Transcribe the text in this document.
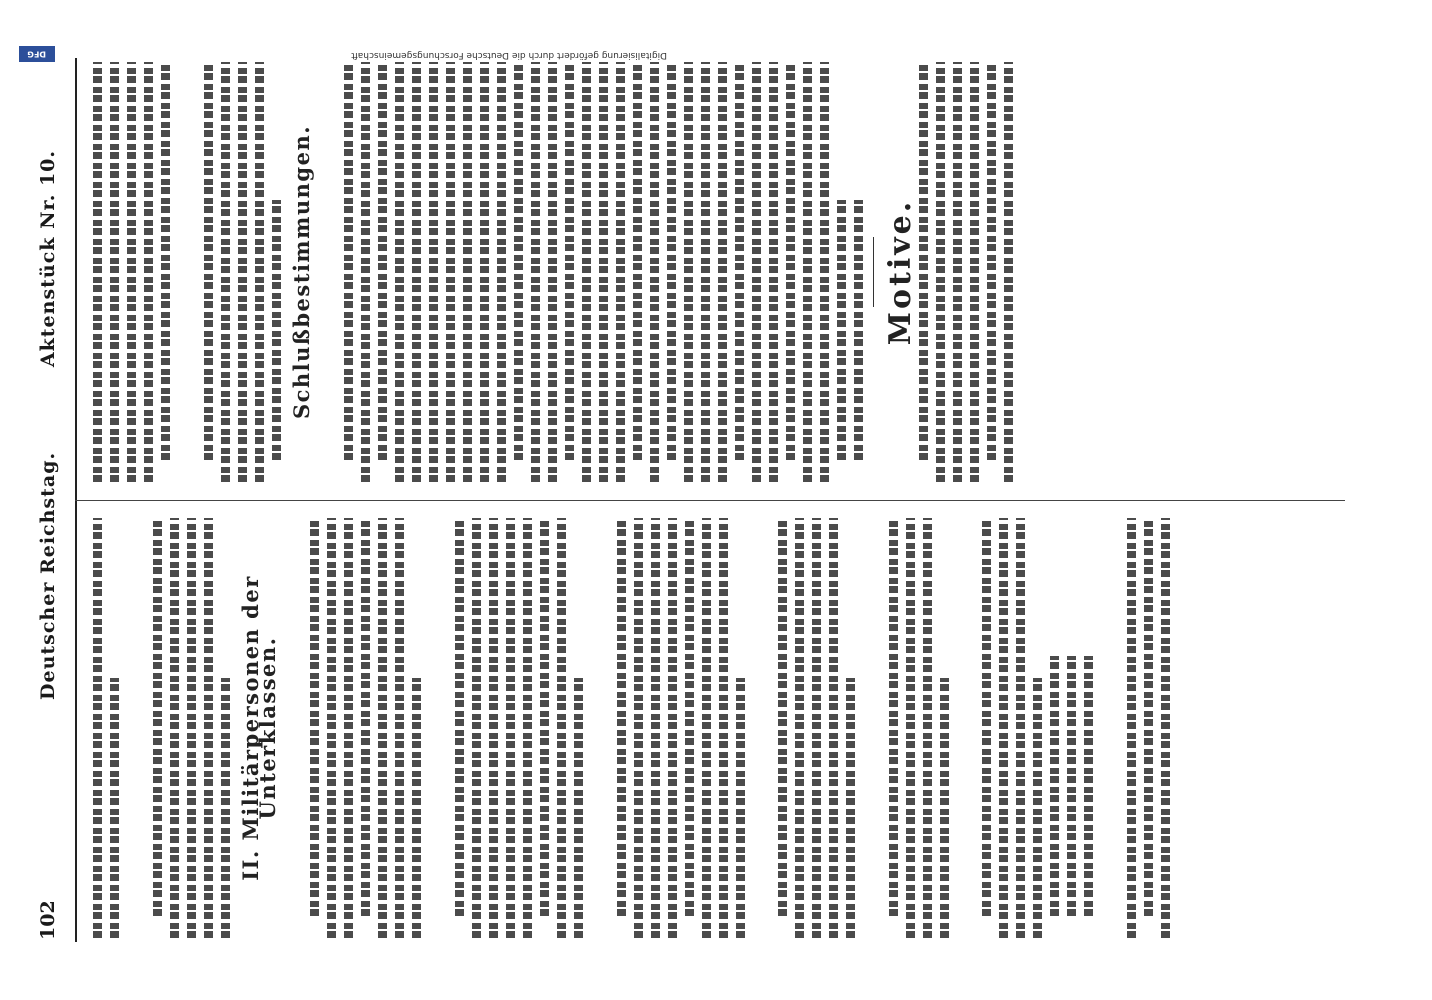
102
Deutscher Reichstag.
Aktenstück Nr. 10.

II. Militärpersonen der Unterklassen.

Schlußbestimmungen.
	Motive.
DFG	Digitalisierung gefördert durch die Deutsche Forschungsgemeinschaft
